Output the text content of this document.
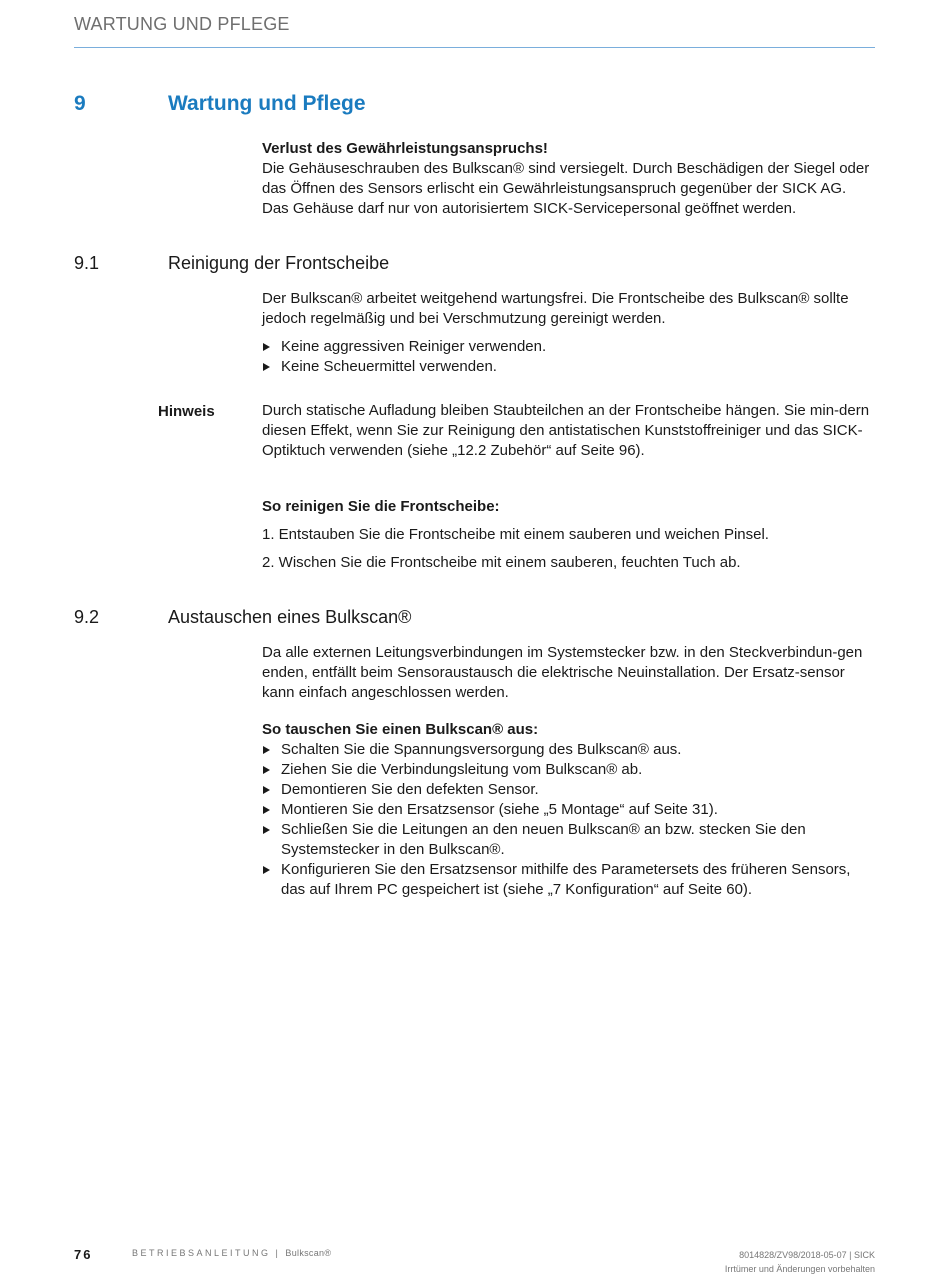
WARTUNG UND PFLEGE
9	Wartung und Pflege

Verlust des Gewährleistungsanspruchs!

Die Gehäuseschrauben des Bulkscan® sind versiegelt. Durch Beschädigen der Siegel oder das Öffnen des Sensors erlischt ein Gewährleistungsanspruch gegenüber der SICK AG. Das Gehäuse darf nur von autorisiertem SICK-Servicepersonal geöffnet werden.

9.1	Reinigung der Frontscheibe

Der Bulkscan® arbeitet weitgehend wartungsfrei. Die Frontscheibe des Bulkscan® sollte jedoch regelmäßig und bei Verschmutzung gereinigt werden.

Keine aggressiven Reiniger verwenden.
Keine Scheuermittel verwenden.
Hinweis	Durch statische Aufladung bleiben Staubteilchen an der Frontscheibe hängen. Sie min-dern diesen Effekt, wenn Sie zur Reinigung den antistatischen Kunststoffreiniger und das SICK-Optiktuch verwenden (siehe „12.2 Zubehör“ auf Seite 96).

So reinigen Sie die Frontscheibe:

1. Entstauben Sie die Frontscheibe mit einem sauberen und weichen Pinsel.

2. Wischen Sie die Frontscheibe mit einem sauberen, feuchten Tuch ab.

9.2	Austauschen eines Bulkscan®
Da alle externen Leitungsverbindungen im Systemstecker bzw. in den Steckverbindun-gen enden, entfällt beim Sensoraustausch die elektrische Neuinstallation. Der Ersatz-sensor kann einfach angeschlossen werden.

So tauschen Sie einen Bulkscan® aus:

Schalten Sie die Spannungsversorgung des Bulkscan® aus.
Ziehen Sie die Verbindungsleitung vom Bulkscan® ab.
Demontieren Sie den defekten Sensor.
Montieren Sie den Ersatzsensor (siehe „5 Montage“ auf Seite 31).
Schließen Sie die Leitungen an den neuen Bulkscan® an bzw. stecken Sie den Systemstecker in den Bulkscan®.
Konfigurieren Sie den Ersatzsensor mithilfe des Parametersets des früheren Sensors, das auf Ihrem PC gespeichert ist (siehe „7 Konfiguration“ auf Seite 60).
76	BETRIEBSANLEITUNG | Bulkscan®	8014828/ZV98/2018-05-07 | SICK
Irrtümer und Änderungen vorbehalten
